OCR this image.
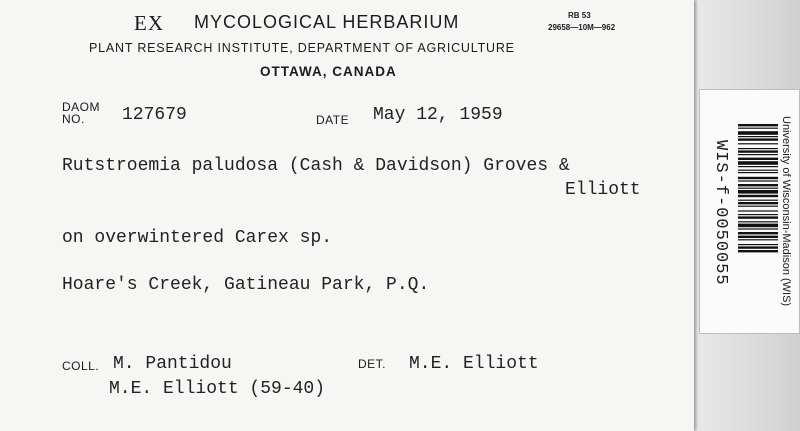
EX MYCOLOGICAL HERBARIUM	RB 53
29658—10M—962
PLANT RESEARCH INSTITUTE, DEPARTMENT OF AGRICULTURE
OTTAWA, CANADA
DAOM
NO. 127679	DATE May 12, 1959
Rutstroemia paludosa (Cash & Davidson) Groves &
Elliott
on overwintered Carex sp.
Hoare's Creek, Gatineau Park, P.Q.
COLL. M. Pantidou
M.E. Elliott (59-40)
DET. M.E. Elliott
WIS-f-0050055	University of Wisconsin-Madison (WIS)
